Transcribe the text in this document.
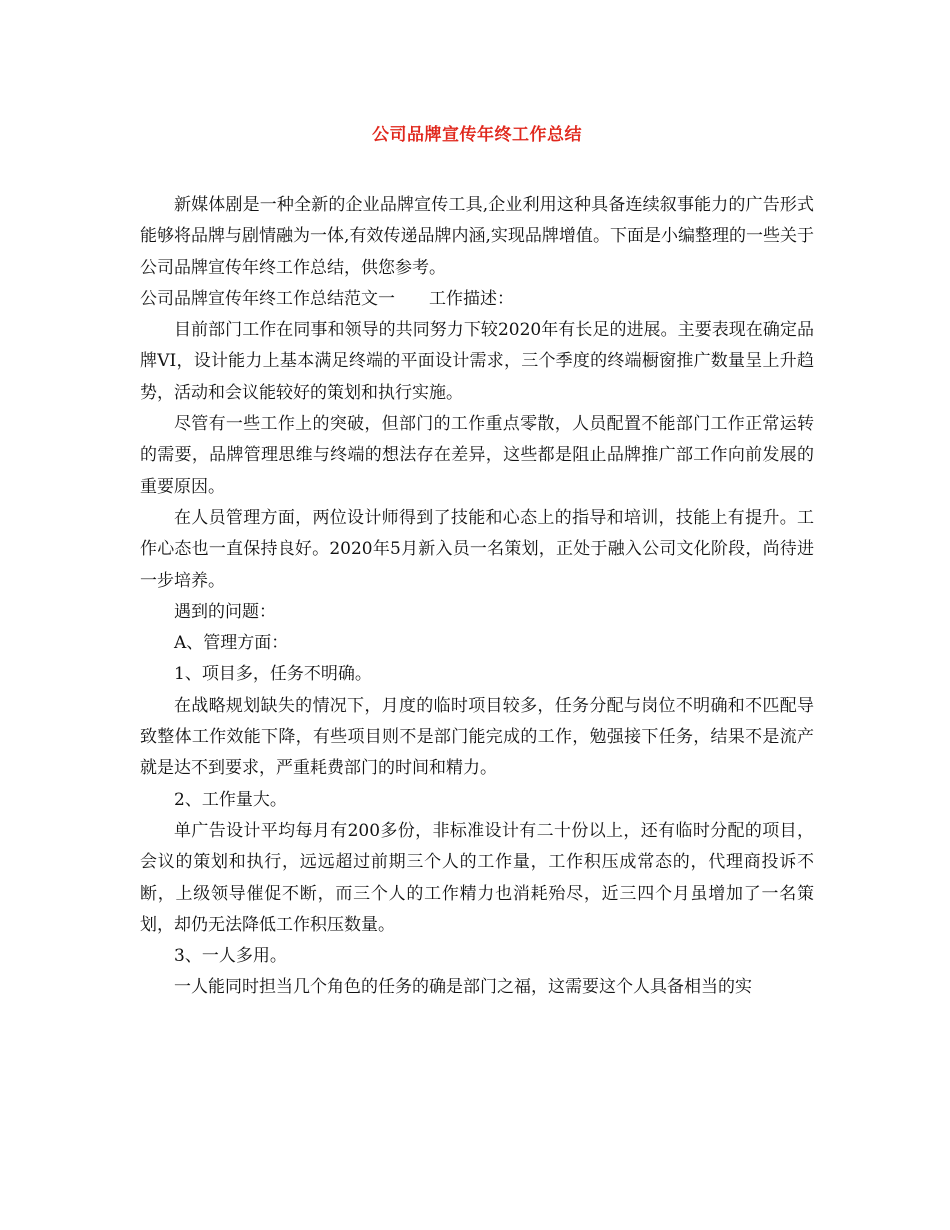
公司品牌宣传年终工作总结

新媒体剧是一种全新的企业品牌宣传工具,企业利用这种具备连续叙事能力的广告形式能够将品牌与剧情融为一体,有效传递品牌内涵,实现品牌增值。下面是小编整理的一些关于公司品牌宣传年终工作总结，供您参考。

公司品牌宣传年终工作总结范文一　　工作描述：

目前部门工作在同事和领导的共同努力下较2020年有长足的进展。主要表现在确定品牌VI，设计能力上基本满足终端的平面设计需求，三个季度的终端橱窗推广数量呈上升趋势，活动和会议能较好的策划和执行实施。

尽管有一些工作上的突破，但部门的工作重点零散，人员配置不能部门工作正常运转的需要，品牌管理思维与终端的想法存在差异，这些都是阻止品牌推广部工作向前发展的重要原因。

在人员管理方面，两位设计师得到了技能和心态上的指导和培训，技能上有提升。工作心态也一直保持良好。2020年5月新入员一名策划，正处于融入公司文化阶段，尚待进一步培养。

遇到的问题：

A、管理方面：

1、项目多，任务不明确。

在战略规划缺失的情况下，月度的临时项目较多，任务分配与岗位不明确和不匹配导致整体工作效能下降，有些项目则不是部门能完成的工作，勉强接下任务，结果不是流产就是达不到要求，严重耗费部门的时间和精力。

2、工作量大。

单广告设计平均每月有200多份，非标准设计有二十份以上，还有临时分配的项目，会议的策划和执行，远远超过前期三个人的工作量，工作积压成常态的，代理商投诉不断，上级领导催促不断，而三个人的工作精力也消耗殆尽，近三四个月虽增加了一名策划，却仍无法降低工作积压数量。

3、一人多用。

一人能同时担当几个角色的任务的确是部门之福，这需要这个人具备相当的实
